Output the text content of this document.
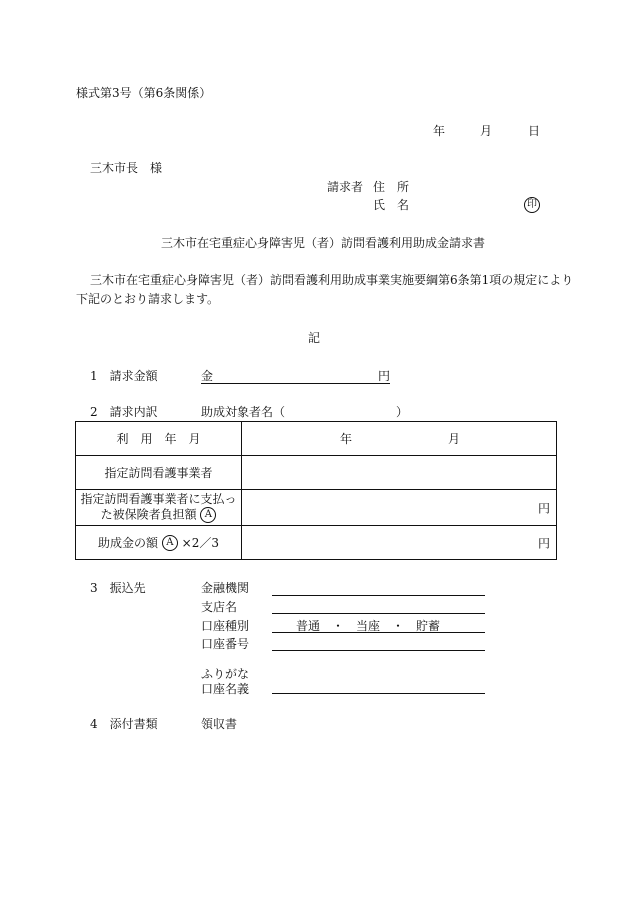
様式第3号（第6条関係）
年	月	日
三木市長　様
請求者 住　所
氏　名	印
三木市在宅重症心身障害児（者）訪問看護利用助成金請求書
三木市在宅重症心身障害児（者）訪問看護利用助成事業実施要綱第6条第1項の規定により
下記のとおり請求します。
記
1　請求金額	金	円
2　請求内訳	助成対象者名（	）
利　用　年　月	年 月

指定訪問看護事業者	

指定訪問看護事業者に支払っ
た被保険者負担額 A	円

助成金の額 A ×2／3	円
3　振込先	金融機関
支店名
口座種別	普通　・　当座　・　貯蓄
口座番号
ふりがな
口座名義
4　添付書類	領収書
